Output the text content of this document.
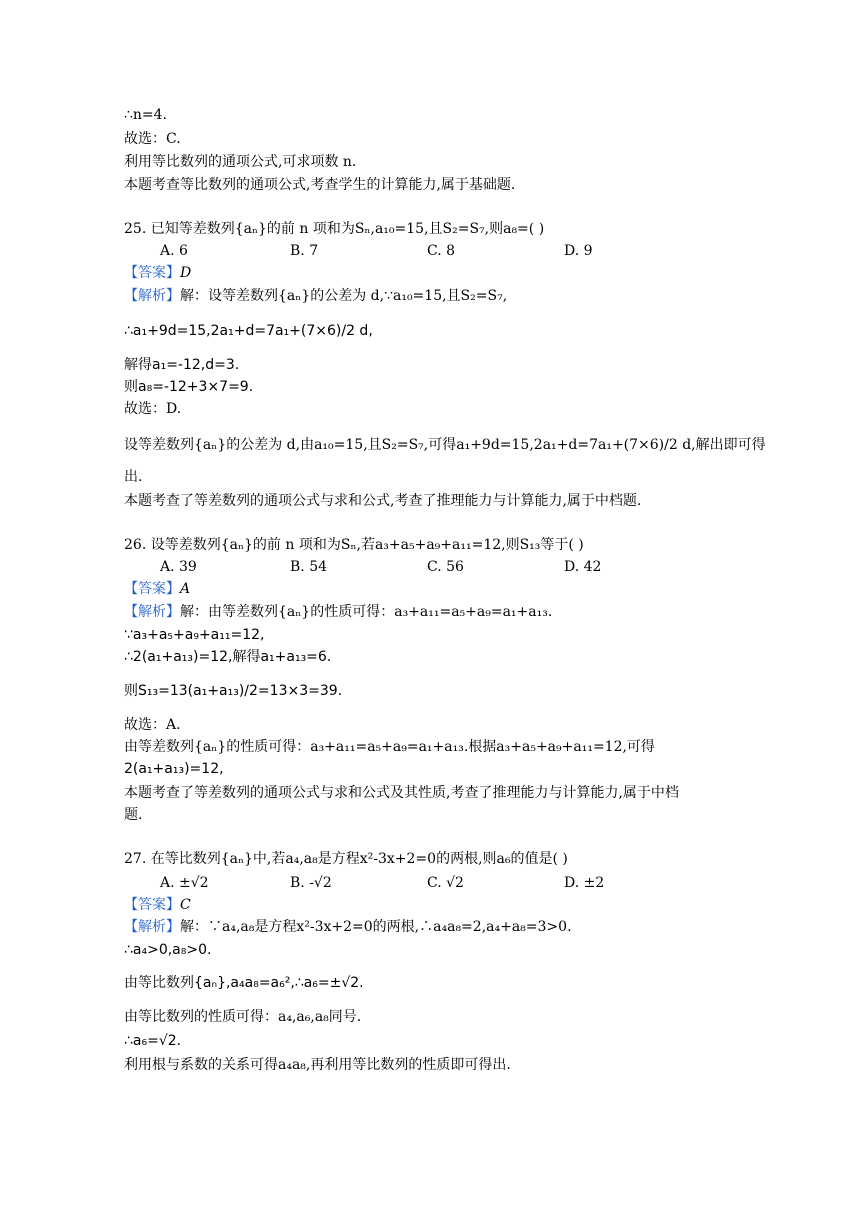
∴n=4.
故选：C.
利用等比数列的通项公式,可求项数 n.
本题考查等比数列的通项公式,考查学生的计算能力,属于基础题.
25. 已知等差数列{aₙ}的前 n 项和为Sₙ,a₁₀=15,且S₂=S₇,则a₈=( )
A. 6	B. 7	C. 8	D. 9
【答案】D
【解析】解：设等差数列{aₙ}的公差为 d,∵a₁₀=15,且S₂=S₇,
∴a₁+9d=15,2a₁+d=7a₁+(7×6)/2 d,
解得a₁=-12,d=3.
则a₈=-12+3×7=9.
故选：D.
设等差数列{aₙ}的公差为 d,由a₁₀=15,且S₂=S₇,可得a₁+9d=15,2a₁+d=7a₁+(7×6)/2 d,解出即可得
出.
本题考查了等差数列的通项公式与求和公式,考查了推理能力与计算能力,属于中档题.
26. 设等差数列{aₙ}的前 n 项和为Sₙ,若a₃+a₅+a₉+a₁₁=12,则S₁₃等于( )
A. 39	B. 54	C. 56	D. 42
【答案】A
【解析】解：由等差数列{aₙ}的性质可得：a₃+a₁₁=a₅+a₉=a₁+a₁₃.
∵a₃+a₅+a₉+a₁₁=12,
∴2(a₁+a₁₃)=12,解得a₁+a₁₃=6.
则S₁₃=13(a₁+a₁₃)/2=13×3=39.
故选：A.
由等差数列{aₙ}的性质可得：a₃+a₁₁=a₅+a₉=a₁+a₁₃.根据a₃+a₅+a₉+a₁₁=12,可得
2(a₁+a₁₃)=12,
本题考查了等差数列的通项公式与求和公式及其性质,考查了推理能力与计算能力,属于中档
题.
27. 在等比数列{aₙ}中,若a₄,a₈是方程x²-3x+2=0的两根,则a₆的值是( )
A. ±√2	B. -√2	C. √2	D. ±2
【答案】C
【解析】解：∵a₄,a₈是方程x²-3x+2=0的两根,∴a₄a₈=2,a₄+a₈=3>0.
∴a₄>0,a₈>0.
由等比数列{aₙ},a₄a₈=a₆²,∴a₆=±√2.
由等比数列的性质可得：a₄,a₆,a₈同号.
∴a₆=√2.
利用根与系数的关系可得a₄a₈,再利用等比数列的性质即可得出.
